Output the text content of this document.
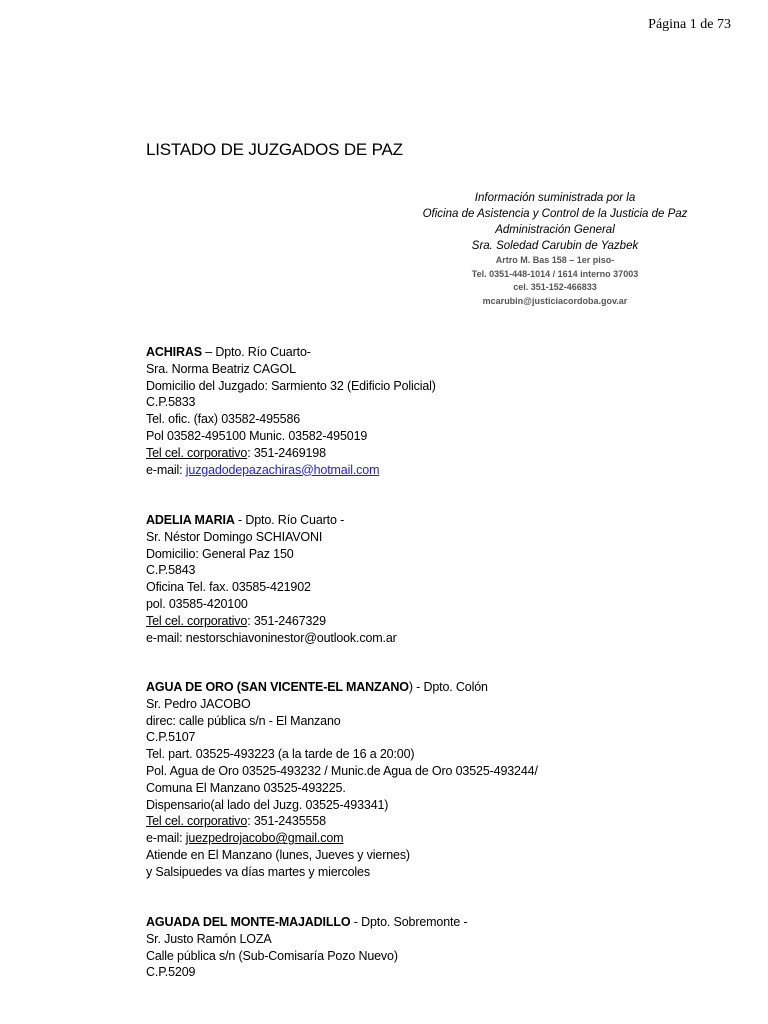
Página 1 de 73
LISTADO DE JUZGADOS DE PAZ
Información suministrada por la
Oficina de Asistencia y Control de la Justicia de Paz
Administración General
Sra. Soledad Carubin de Yazbek
Artro M. Bas 158 – 1er piso-
Tel. 0351-448-1014 / 1614 interno 37003
cel. 351-152-466833
mcarubin@justiciacordoba.gov.ar
ACHIRAS – Dpto. Río Cuarto-
Sra. Norma Beatriz CAGOL
Domicilio del Juzgado: Sarmiento 32 (Edificio Policial)
C.P.5833
Tel. ofic. (fax) 03582-495586
Pol 03582-495100 Munic. 03582-495019
Tel cel. corporativo: 351-2469198
e-mail: juzgadodepazachiras@hotmail.com
ADELIA MARIA - Dpto. Río Cuarto -
Sr. Néstor Domingo SCHIAVONI
Domicilio: General Paz 150
C.P.5843
Oficina Tel. fax. 03585-421902
pol. 03585-420100
Tel cel. corporativo: 351-2467329
e-mail: nestorschiavoninestor@outlook.com.ar
AGUA DE ORO (SAN VICENTE-EL MANZANO) - Dpto. Colón
Sr. Pedro JACOBO
direc: calle pública s/n - El Manzano
C.P.5107
Tel. part. 03525-493223 (a la tarde de 16 a 20:00)
Pol. Agua de Oro 03525-493232 / Munic.de Agua de Oro 03525-493244/
Comuna El Manzano 03525-493225.
Dispensario(al lado del Juzg. 03525-493341)
Tel cel. corporativo: 351-2435558
e-mail: juezpedrojacobo@gmail.com
Atiende en El Manzano (lunes, Jueves y viernes)
y Salsipuedes va días martes y miercoles
AGUADA DEL MONTE-MAJADILLO - Dpto. Sobremonte -
Sr. Justo Ramón LOZA
Calle pública s/n (Sub-Comisaría Pozo Nuevo)
C.P.5209
